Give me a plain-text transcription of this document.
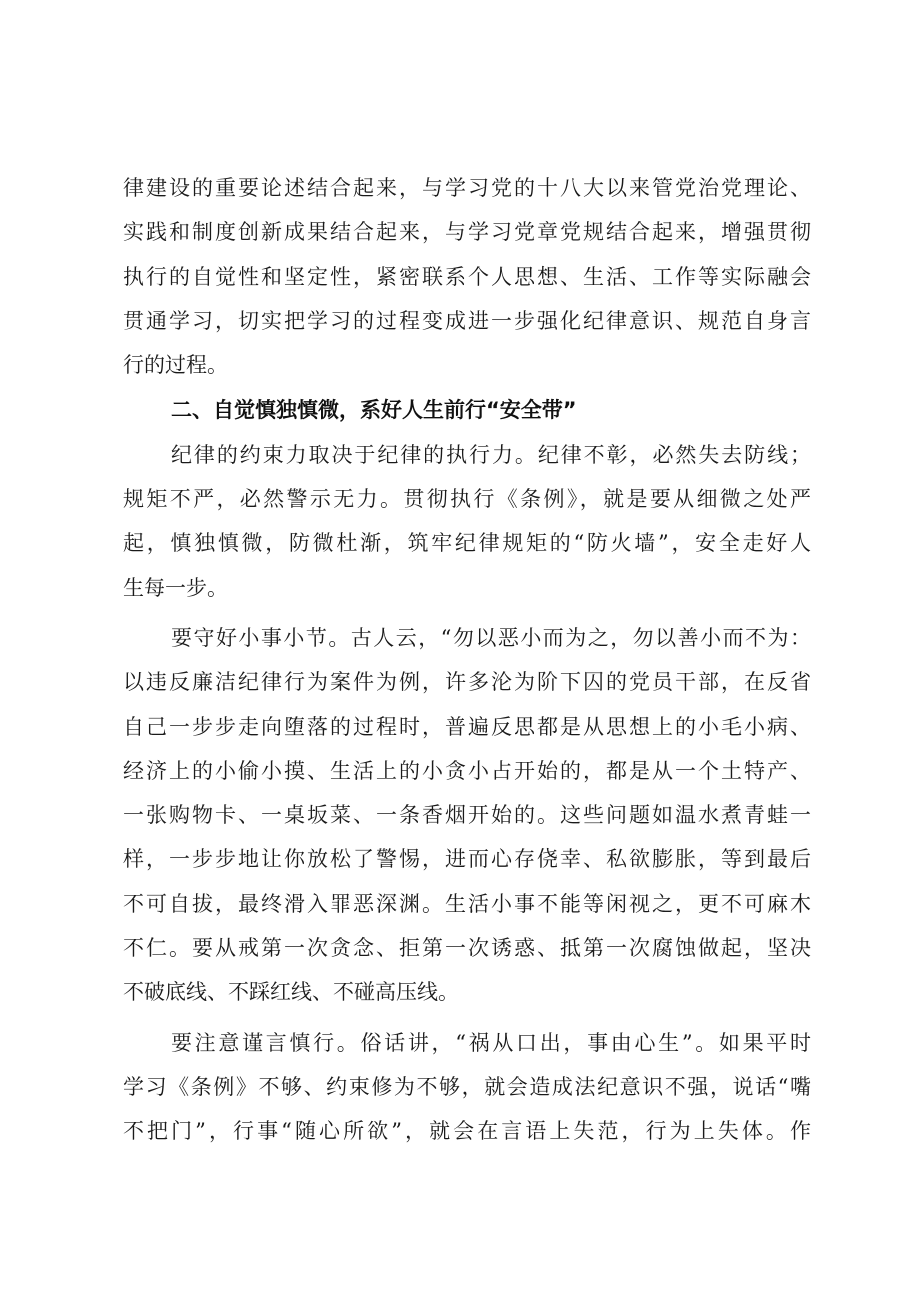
律建设的重要论述结合起来，与学习党的十八大以来管党治党理论、
实践和制度创新成果结合起来，与学习党章党规结合起来，增强贯彻
执行的自觉性和坚定性，紧密联系个人思想、生活、工作等实际融会
贯通学习，切实把学习的过程变成进一步强化纪律意识、规范自身言
行的过程。
二、自觉慎独慎微，系好人生前行“安全带”
纪律的约束力取决于纪律的执行力。纪律不彰，必然失去防线；
规矩不严，必然警示无力。贯彻执行《条例》，就是要从细微之处严
起，慎独慎微，防微杜渐，筑牢纪律规矩的“防火墙”，安全走好人
生每一步。
要守好小事小节。古人云，“勿以恶小而为之，勿以善小而不为：
以违反廉洁纪律行为案件为例，许多沦为阶下囚的党员干部，在反省
自己一步步走向堕落的过程时，普遍反思都是从思想上的小毛小病、
经济上的小偷小摸、生活上的小贪小占开始的，都是从一个土特产、
一张购物卡、一桌坂菜、一条香烟开始的。这些问题如温水煮青蛙一
样，一步步地让你放松了警惕，进而心存侥幸、私欲膨胀，等到最后
不可自拔，最终滑入罪恶深渊。生活小事不能等闲视之，更不可麻木
不仁。要从戒第一次贪念、拒第一次诱惑、抵第一次腐蚀做起，坚决
不破底线、不踩红线、不碰高压线。
要注意谨言慎行。俗话讲，“祸从口出，事由心生”。如果平时
学习《条例》不够、约束修为不够，就会造成法纪意识不强，说话“嘴
不把门”，行事“随心所欲”，就会在言语上失范，行为上失体。作
